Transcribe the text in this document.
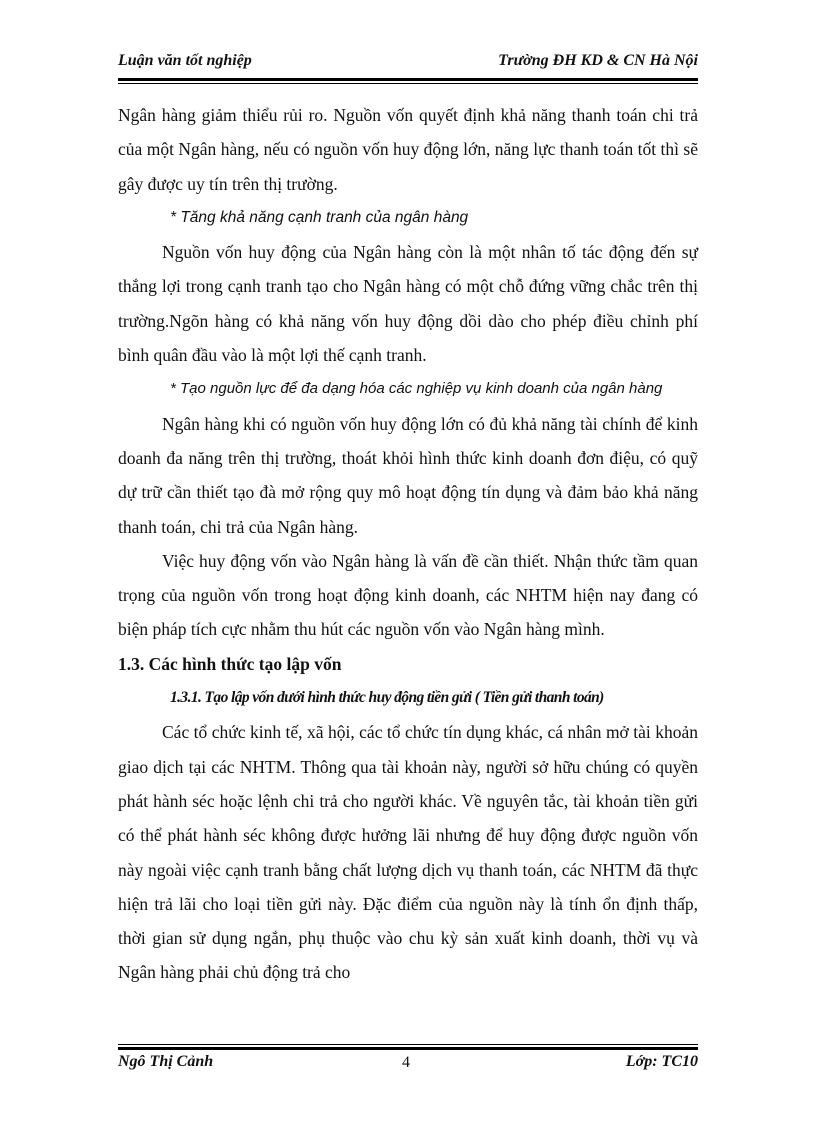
Luận văn tốt nghiệp	Trường ĐH KD & CN Hà Nội

Ngân hàng giảm thiểu rủi ro. Nguồn vốn quyết định khả năng thanh toán chi trả của một Ngân hàng, nếu có nguồn vốn huy động lớn, năng lực thanh toán tốt thì sẽ gây được uy tín trên thị trường.

* Tăng khả năng cạnh tranh của ngân hàng

Nguồn vốn huy động của Ngân hàng còn là một nhân tố tác động đến sự thắng lợi trong cạnh tranh tạo cho Ngân hàng có một chỗ đứng vững chắc trên thị trường.Ngõn hàng có khả năng vốn huy động dồi dào cho phép điều chỉnh phí bình quân đầu vào là một lợi thế cạnh tranh.

* Tạo nguồn lực để đa dạng hóa các nghiệp vụ kinh doanh của ngân hàng

Ngân hàng khi có nguồn vốn huy động lớn có đủ khả năng tài chính để kinh doanh đa năng trên thị trường, thoát khỏi hình thức kinh doanh đơn điệu, có quỹ dự trữ cần thiết tạo đà mở rộng quy mô hoạt động tín dụng và đảm bảo khả năng thanh toán, chi trả của Ngân hàng.

Việc huy động vốn vào Ngân hàng là vấn đề cần thiết. Nhận thức tầm quan trọng của nguồn vốn trong hoạt động kinh doanh, các NHTM hiện nay đang có biện pháp tích cực nhằm thu hút các nguồn vốn vào Ngân hàng mình.

1.3. Các hình thức tạo lập vốn

1.3.1. Tạo lập vốn dưới hình thức huy động tiền gửi ( Tiền gửi thanh toán)

Các tổ chức kinh tế, xã hội, các tổ chức tín dụng khác, cá nhân mở tài khoản giao dịch tại các NHTM. Thông qua tài khoản này, người sở hữu chúng có quyền phát hành séc hoặc lệnh chi trả cho người khác. Về nguyên tắc, tài khoản tiền gửi có thể phát hành séc không được hưởng lãi nhưng để huy động được nguồn vốn này ngoài việc cạnh tranh bằng chất lượng dịch vụ thanh toán, các NHTM đã thực hiện trả lãi cho loại tiền gửi này. Đặc điểm của nguồn này là tính ổn định thấp, thời gian sử dụng ngắn, phụ thuộc vào chu kỳ sản xuất kinh doanh, thời vụ và Ngân hàng phải chủ động trả cho

Ngô Thị Cảnh	4	Lớp: TC10
